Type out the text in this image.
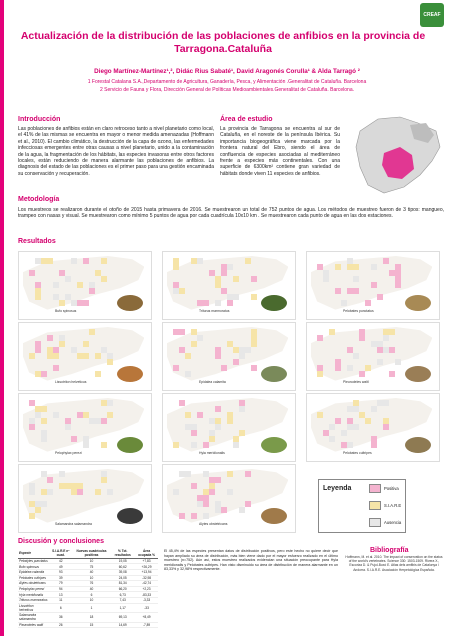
CREAF
Actualización de la distribución de las poblaciones de anfibios en la provincia de Tarragona.Cataluña
Diego Martínez-Martínez¹,², Didác Rius Sabaté¹, David Aragonés Corulla¹ & Aïda Tarragó ²
1 Forestal Catalana S.A.,Departamento de Agricultura, Ganadería, Pesca, y Alimentación .Generalitat de Cataluña. Barcelona
2 Servicio de Fauna y Flora, Dirección General de Políticas Medioambientales.Generalitat de Cataluña. Barcelona.
Introducción
Las poblaciones de anfibios están en claro retroceso tanto a nivel planetario como local, el 41% de las mismas se encuentra en mayor o menor medida amenazadas (Hoffmann et al., 2010). El cambio climático, la destrucción de la capa de ozono, las enfermedades infecciosas emergentes entre otras causas a nivel planetario, unido a la contaminación de la agua, la fragmentación de los hábitats, las especies invasoras entre otros factores locales, están reduciendo de manera alarmante las poblaciones de anfibios. La diagnosis del estado de las poblaciones es el primer paso para una gestión encaminada su conservación y recuperación.
Área de estudio
La provincia de Tarragona se encuentra al sur de Cataluña, en el noreste de la península Ibérica. Su importancia biogeográfica viene marcada por la frontera natural del Ebro, siendo el área de confluencia de especies asociadas al mediterráneo frente a especies más continentales. Con una superficie de 6300km² contiene gran variedad de hábitats donde viven 11 especies de anfibios.
Metodología
Los muestreos se realizaron durante el otoño de 2015 hasta primavera de 2016. Se muestrearon un total de 752 puntos de agua. Los métodos de muestreo fueron de 3 tipos: mangueo, trampeo con nasas y visual. Se muestrearon como mínimo 5 puntos de agua por cada cuadrícula 10x10 km . Se muestrearon cada punto de agua en las dos estaciones.
Resultados
Bufo spinosus	Triturus marmoratus	Pelobates punctatus
Lissotriton helveticus	Epidalea calamita	Pleurodeles waltl
Pelophylax perezi	Hyla meridionalis	Pelobates cultripes
Salamandra salamandra	Alytes obstetricans
Leyenda	Positiva
S.I.A.R.E
Ausencia
Discusión y conclusiones
Especie	S.I.A.R.E nº cuad.	Nuevas cuadrículas positivas	% Tot. resultados	Área ocupada %
Pelodytes punctatus	42	10	19,05	+7,83
Bufo spinosus	49	75	60,62	+26,29
Epidalea calamita	93	40	39,08	+13,94
Pelobates cultripes	39	10	24,05	-32,98
Alytes obstetricans	79	76	81,34	-42,74
Pelophylax perezi	94	40	66,20	+2,23
Hyla meridionalis	13	6	6,73	-83,33
Triturus marmoratus	11	10	7,43	-3,33
Lissotriton helveticus	6	1	1,17	-33
Salamandra salamandra	36	18	69,13	+8,49
Pleurodeles waltl	26	15	14,69	-7,89
El 45,4% de las especies presentan datos de distribución positivos, pero este hecho no quiere decir que hayan ampliado su área de distribución, más bien viene dado por el mayor esfuerzo realizado en el último muestreo (n=752). Aún así, estos muestreo realizados evidencian una situación preocupante para Hyla meridionalis y Pelobates cultripes. Han visto disminuido su área de distribución de manera alarmante en un 83,33% y 32,98% respectivamente.
Bibliografía
Hoffmann, M. et al. 2010. The impact of conservation on the status of the world's vertebrates. Science 330: 1503-1509. Rivera X., Escoriza D. & Pujol-Buxó E. Atlas dels amfibis de Catalunya i Andorra. S.I.A.R.E. Asociación Herpetológica Española.
